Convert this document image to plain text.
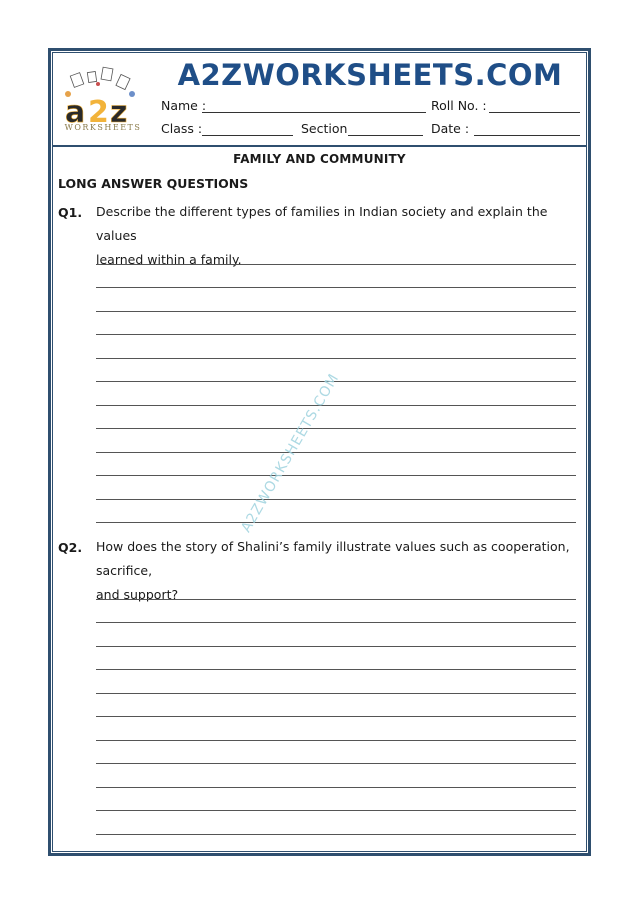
a 2 z
WORKSHEETS
A2ZWORKSHEETS.COM
Name :	Roll No. :
Class :	Section	Date :
FAMILY AND COMMUNITY
LONG ANSWER QUESTIONS
Q1. Describe the different types of families in Indian society and explain the values
learned within a family.
Q2. How does the story of Shalini’s family illustrate values such as cooperation, sacrifice,
and support?
A2ZWORKSHEETS.COM
